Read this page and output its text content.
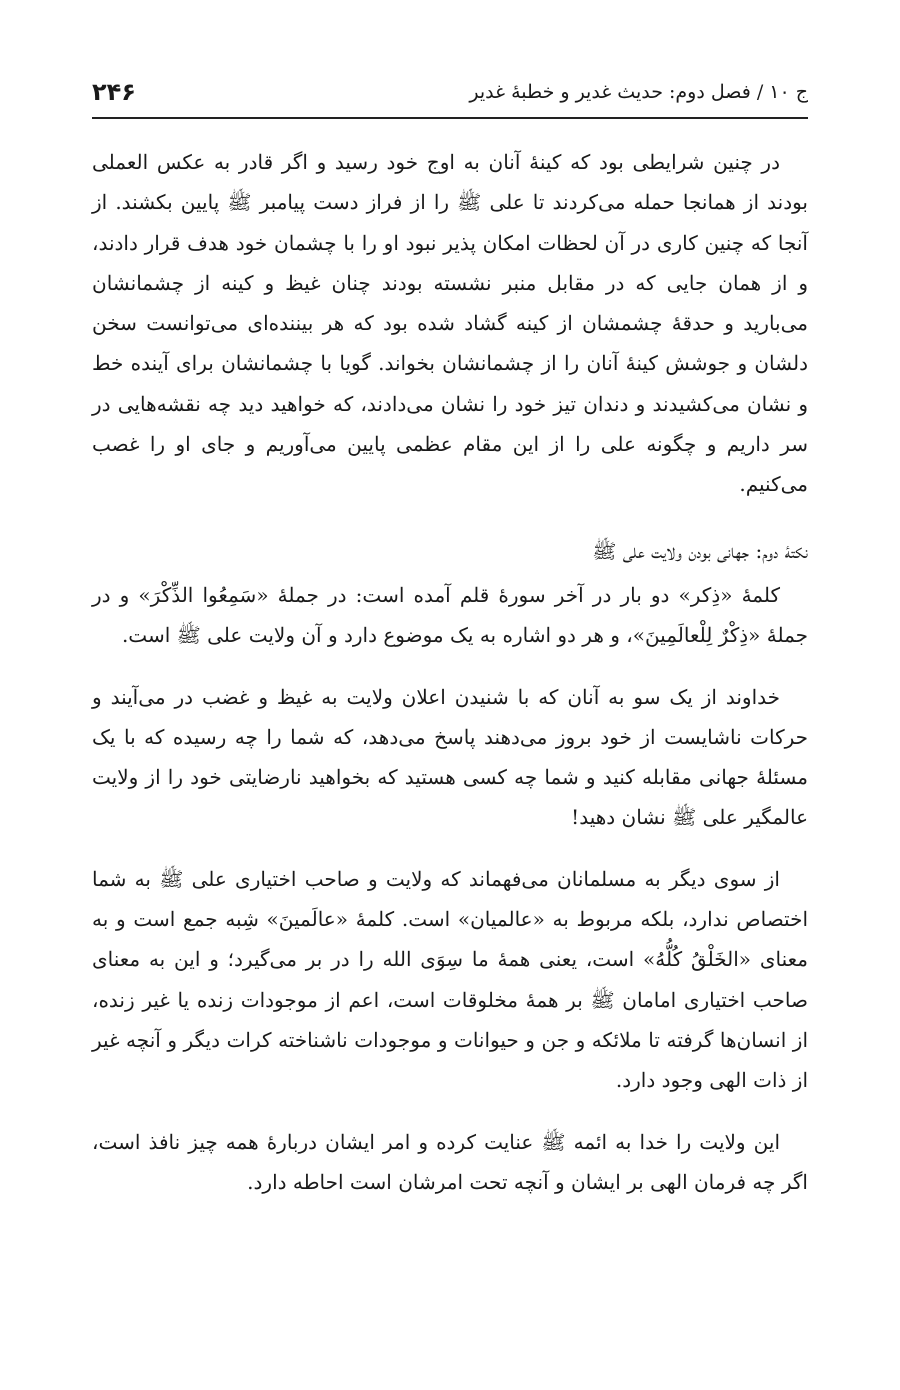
ج ۱۰ / فصل دوم: حدیث غدیر و خطبهٔ غدیر
۲۴۶

در چنین شرایطی بود که کینهٔ آنان به اوج خود رسید و اگر قادر به عکس العملی بودند از همانجا حمله می‌کردند تا علی ﷺ را از فراز دست پیامبر ﷺ پایین بکشند. از آنجا که چنین کاری در آن لحظات امکان پذیر نبود او را با چشمان خود هدف قرار دادند، و از همان جایی که در مقابل منبر نشسته بودند چنان غیظ و کینه از چشمانشان می‌بارید و حدقهٔ چشمشان از کینه گشاد شده بود که هر بیننده‌ای می‌توانست سخن دلشان و جوشش کینهٔ آنان را از چشمانشان بخواند. گویا با چشمانشان برای آینده خط و نشان می‌کشیدند و دندان تیز خود را نشان می‌دادند، که خواهید دید چه نقشه‌هایی در سر داریم و چگونه علی را از این مقام عظمی پایین می‌آوریم و جای او را غصب می‌کنیم.

نکتهٔ دوم: جهانی بودن ولایت علی ﷺ

کلمهٔ «ذِکر» دو بار در آخر سورهٔ قلم آمده است: در جملهٔ «سَمِعُوا الذِّکْرَ» و در جملهٔ «ذِکْرٌ لِلْعالَمِینَ»، و هر دو اشاره به یک موضوع دارد و آن ولایت علی ﷺ است.

خداوند از یک سو به آنان که با شنیدن اعلان ولایت به غیظ و غضب در می‌آیند و حرکات ناشایست از خود بروز می‌دهند پاسخ می‌دهد، که شما را چه رسیده که با یک مسئلهٔ جهانی مقابله کنید و شما چه کسی هستید که بخواهید نارضایتی خود را از ولایت عالمگیر علی ﷺ نشان دهید!

از سوی دیگر به مسلمانان می‌فهماند که ولایت و صاحب اختیاری علی ﷺ به شما اختصاص ندارد، بلکه مربوط به «عالمیان» است. کلمهٔ «عالَمینَ» شِبه جمع است و به معنای «الخَلْقُ کُلُّهُ» است، یعنی همهٔ ما سِوَی الله را در بر می‌گیرد؛ و این به معنای صاحب اختیاری امامان ﷺ بر همهٔ مخلوقات است، اعم از موجودات زنده یا غیر زنده، از انسان‌ها گرفته تا ملائکه و جن و حیوانات و موجودات ناشناخته کرات دیگر و آنچه غیر از ذات الهی وجود دارد.

این ولایت را خدا به ائمه ﷺ عنایت کرده و امر ایشان دربارهٔ همه چیز نافذ است، اگر چه فرمان الهی بر ایشان و آنچه تحت امرشان است احاطه دارد.
